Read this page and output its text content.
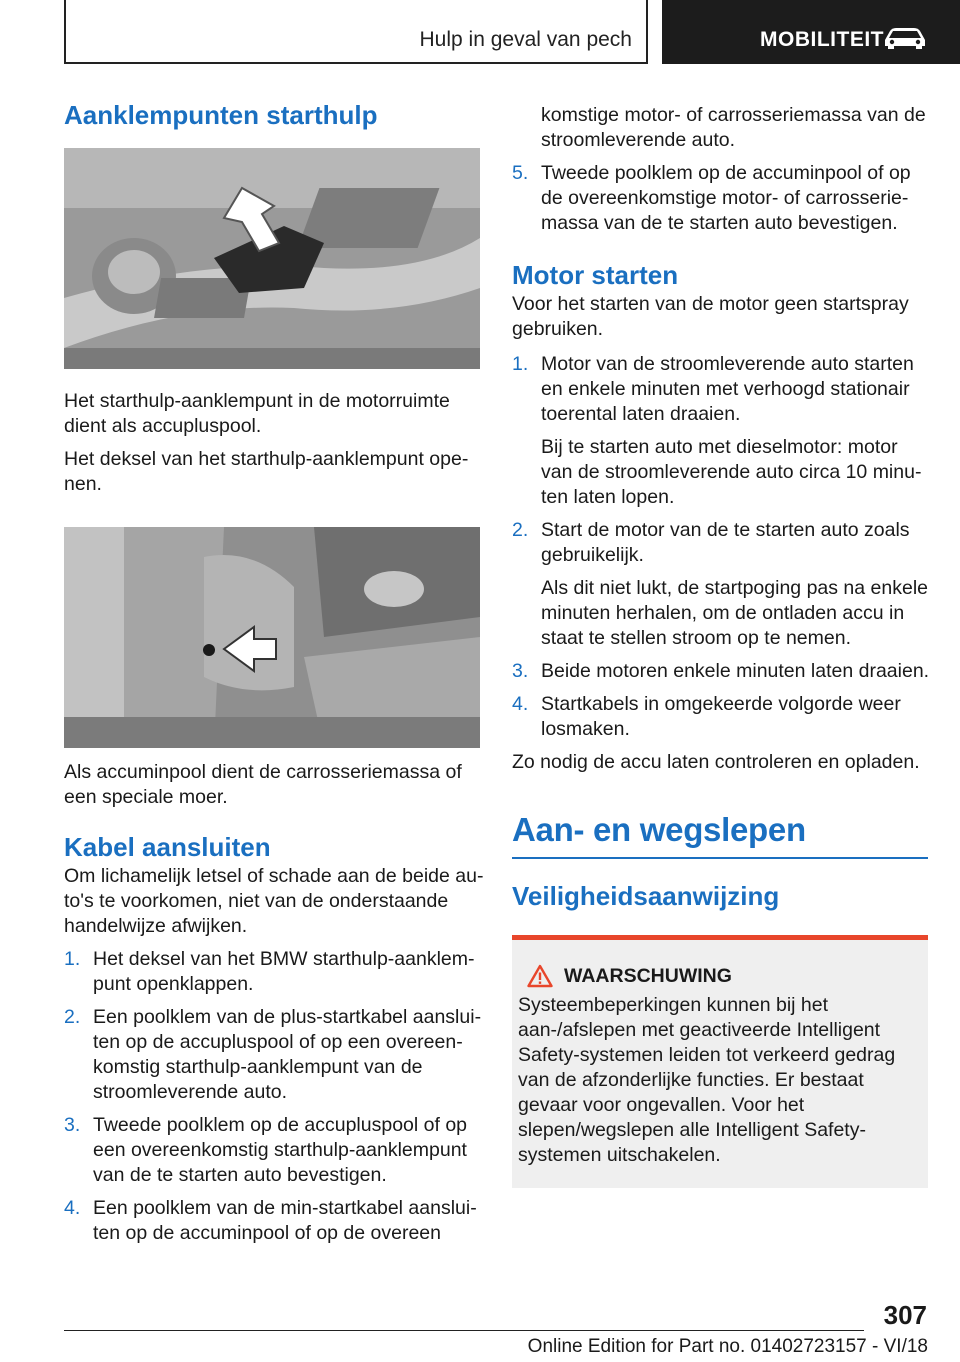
Hulp in geval van pech	MOBILITEIT
Aanklempunten starthulp

Het starthulp-aanklempunt in de motorruimte dient als accupluspool.

Het deksel van het starthulp-aanklempunt openen.

Als accuminpool dient de carrosseriemassa of een speciale moer.

Kabel aansluiten

Om lichamelijk letsel of schade aan de beide auto's te voorkomen, niet van de onderstaande handelwijze afwijken.

1. Het deksel van het BMW starthulp-aanklempunt openklappen.
2. Een poolklem van de plus-startkabel aansluiten op de accupluspool of op een overeenkomstig starthulp-aanklempunt van de stroomleverende auto.
3. Tweede poolklem op de accupluspool of op een overeenkomstig starthulp-aanklempunt van de te starten auto bevestigen.
4. Een poolklem van de min-startkabel aansluiten op de accuminpool of op de overeen

komstige motor- of carrosseriemassa van de stroomleverende auto.

5. Tweede poolklem op de accuminpool of op de overeenkomstige motor- of carrosseriemassa van de te starten auto bevestigen.
Motor starten

Voor het starten van de motor geen startspray gebruiken.

1. Motor van de stroomleverende auto starten en enkele minuten met verhoogd stationair toerental laten draaien.
Bij te starten auto met dieselmotor: motor van de stroomleverende auto circa 10 minuten laten lopen.
2. Start de motor van de te starten auto zoals gebruikelijk.
Als dit niet lukt, de startpoging pas na enkele minuten herhalen, om de ontladen accu in staat te stellen stroom op te nemen.
3. Beide motoren enkele minuten laten draaien.
4. Startkabels in omgekeerde volgorde weer losmaken.

Zo nodig de accu laten controleren en opladen.

Aan- en wegslepen
Veiligheidsaanwijzing
WAARSCHUWING

Systeembeperkingen kunnen bij het aan-/afslepen met geactiveerde Intelligent Safety-systemen leiden tot verkeerd gedrag van de afzonderlijke functies. Er bestaat gevaar voor ongevallen. Voor het slepen/wegslepen alle Intelligent Safety-systemen uitschakelen.

307
Online Edition for Part no. 01402723157 - VI/18
